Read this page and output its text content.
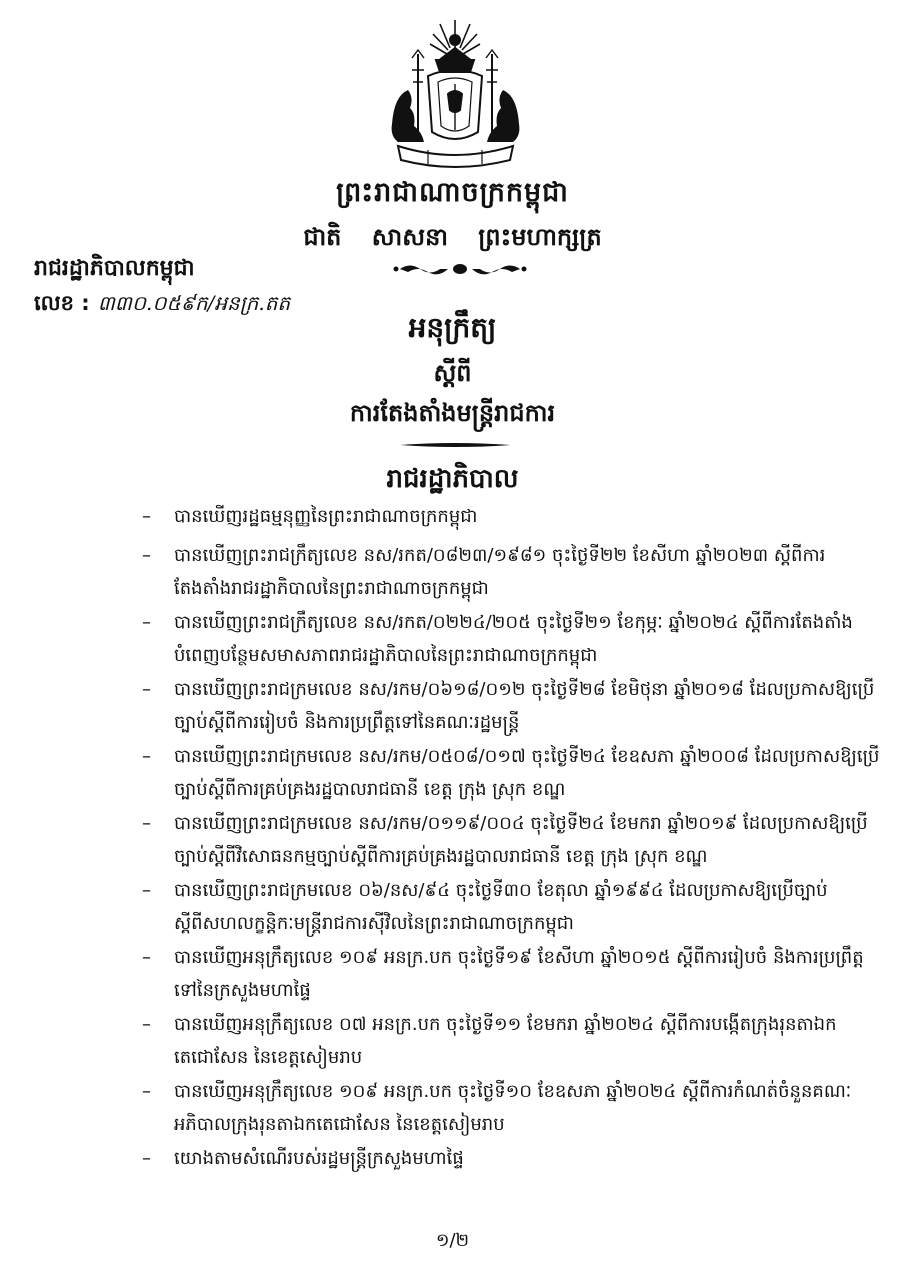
ព្រះរាជាណាចក្រកម្ពុជា
ជាតិ សាសនា ព្រះមហាក្សត្រ
រាជរដ្ឋាភិបាលកម្ពុជា
លេខ : ៣៣០.០៥៩ក/អនក្រ.តត
អនុក្រឹត្យ
ស្តីពី
ការតែងតាំងមន្ត្រីរាជការ
រាជរដ្ឋាភិបាល
– បានឃើញរដ្ឋធម្មនុញ្ញនៃព្រះរាជាណាចក្រកម្ពុជា
– បានឃើញព្រះរាជក្រឹត្យលេខ នស/រកត/០៨២៣/១៩៨១ ចុះថ្ងៃទី២២ ខែសីហា ឆ្នាំ២០២៣ ស្តីពីការតែងតាំងរាជរដ្ឋាភិបាលនៃព្រះរាជាណាចក្រកម្ពុជា
– បានឃើញព្រះរាជក្រឹត្យលេខ នស/រកត/០២២៤/២០៥ ចុះថ្ងៃទី២១ ខែកុម្ភៈ ឆ្នាំ២០២៤ ស្តីពីការតែងតាំងបំពេញបន្ថែមសមាសភាពរាជរដ្ឋាភិបាលនៃព្រះរាជាណាចក្រកម្ពុជា
– បានឃើញព្រះរាជក្រមលេខ នស/រកម/០៦១៨/០១២ ចុះថ្ងៃទី២៨ ខែមិថុនា ឆ្នាំ២០១៨ ដែលប្រកាសឱ្យប្រើច្បាប់ស្តីពីការរៀបចំ និងការប្រព្រឹត្តទៅនៃគណៈរដ្ឋមន្ត្រី
– បានឃើញព្រះរាជក្រមលេខ នស/រកម/០៥០៨/០១៧ ចុះថ្ងៃទី២៤ ខែឧសភា ឆ្នាំ២០០៨ ដែលប្រកាសឱ្យប្រើច្បាប់ស្តីពីការគ្រប់គ្រងរដ្ឋបាលរាជធានី ខេត្ត ក្រុង ស្រុក ខណ្ឌ
– បានឃើញព្រះរាជក្រមលេខ នស/រកម/០១១៩/០០៤ ចុះថ្ងៃទី២៤ ខែមករា ឆ្នាំ២០១៩ ដែលប្រកាសឱ្យប្រើច្បាប់ស្តីពីវិសោធនកម្មច្បាប់ស្តីពីការគ្រប់គ្រងរដ្ឋបាលរាជធានី ខេត្ត ក្រុង ស្រុក ខណ្ឌ
– បានឃើញព្រះរាជក្រមលេខ ០៦/នស/៩៤ ចុះថ្ងៃទី៣០ ខែតុលា ឆ្នាំ១៩៩៤ ដែលប្រកាសឱ្យប្រើច្បាប់ស្តីពីសហលក្ខន្តិកៈមន្ត្រីរាជការស៊ីវិលនៃព្រះរាជាណាចក្រកម្ពុជា
– បានឃើញអនុក្រឹត្យលេខ ១០៩ អនក្រ.បក ចុះថ្ងៃទី១៩ ខែសីហា ឆ្នាំ២០១៥ ស្តីពីការរៀបចំ និងការប្រព្រឹត្តទៅនៃក្រសួងមហាផ្ទៃ
– បានឃើញអនុក្រឹត្យលេខ ០៧ អនក្រ.បក ចុះថ្ងៃទី១១ ខែមករា ឆ្នាំ២០២៤ ស្តីពីការបង្កើតក្រុងរុនតាឯកតេជោសែន នៃខេត្តសៀមរាប
– បានឃើញអនុក្រឹត្យលេខ ១០៩ អនក្រ.បក ចុះថ្ងៃទី១០ ខែឧសភា ឆ្នាំ២០២៤ ស្តីពីការកំណត់ចំនួនគណៈអភិបាលក្រុងរុនតាឯកតេជោសែន នៃខេត្តសៀមរាប
– យោងតាមសំណើរបស់រដ្ឋមន្ត្រីក្រសួងមហាផ្ទៃ
១/២
